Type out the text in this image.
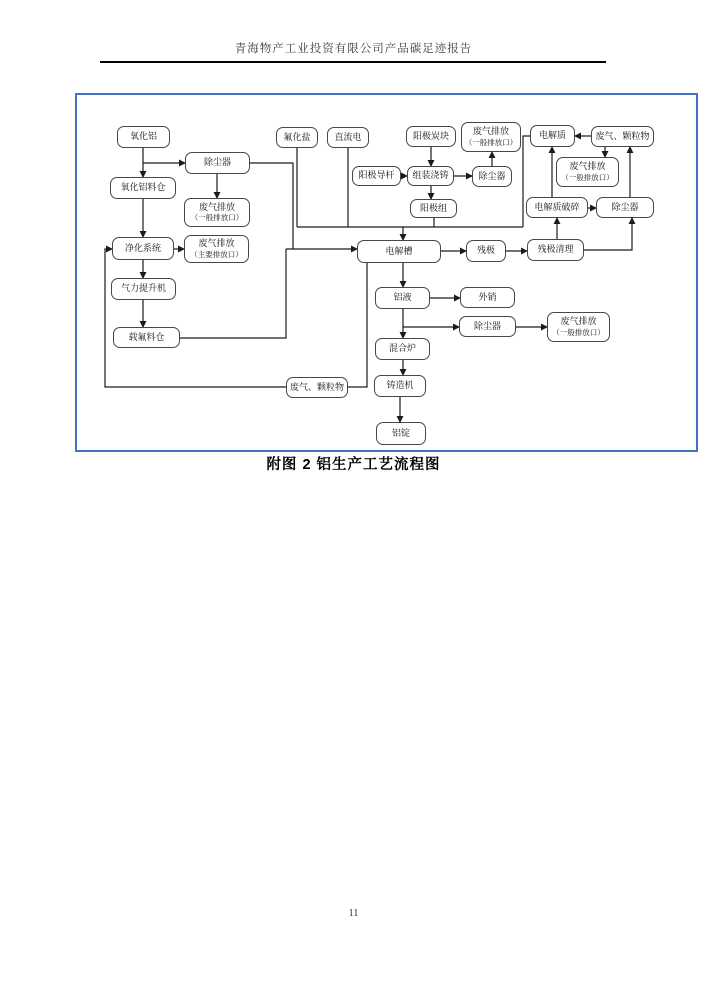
青海物产工业投资有限公司产品碳足迹报告
氧化铝
除尘器
氧化铝料仓
废气排放
（一般排放口）
净化系统	废气排放
（主要排放口）
气力提升机
载氟料仓
氟化盐	直流电	阳极炭块
阳极导杆 组装浇铸
阳极组
废气排放
（一般排放口）
除尘器
电解质	废气、颗粒物
废气排放
（一般排放口）
电解质破碎	除尘器
电解槽	残极	残极清理
铝液	外销
除尘器	废气排放
（一般排放口）
混合炉
废气、颗粒物	铸造机
铝锭
附图 2 铝生产工艺流程图
11
